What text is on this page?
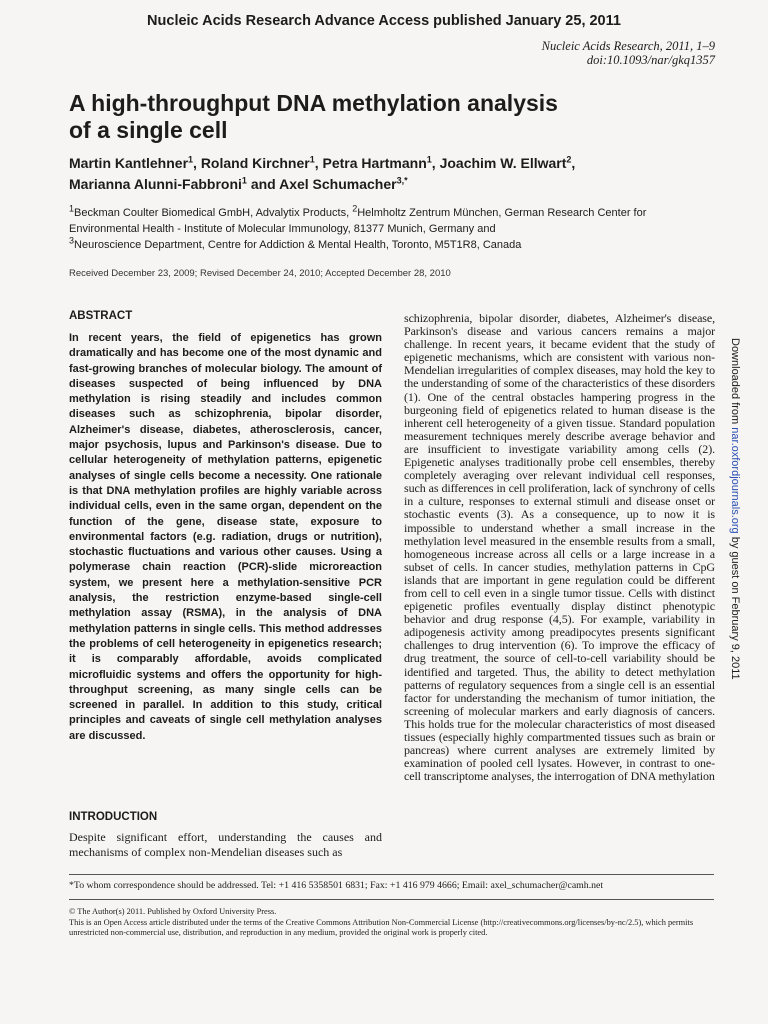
Nucleic Acids Research Advance Access published January 25, 2011
Nucleic Acids Research, 2011, 1–9
doi:10.1093/nar/gkq1357
A high-throughput DNA methylation analysis
of a single cell
Martin Kantlehner$^1$, Roland Kirchner$^1$, Petra Hartmann$^1$, Joachim W. Ellwart$^2$,
Marianna Alunni-Fabbroni$^1$ and Axel Schumacher$^{3,*}$
$^1$Beckman Coulter Biomedical GmbH, Advalytix Products, $^2$Helmholtz Zentrum München, German Research Center for Environmental Health - Institute of Molecular Immunology, 81377 Munich, Germany and
$^3$Neuroscience Department, Centre for Addiction & Mental Health, Toronto, M5T1R8, Canada
Received December 23, 2009; Revised December 24, 2010; Accepted December 28, 2010
ABSTRACT

In recent years, the field of epigenetics has grown dramatically and has become one of the most dynamic and fast-growing branches of molecular biology. The amount of diseases suspected of being influenced by DNA methylation is rising steadily and includes common diseases such as schizophrenia, bipolar disorder, Alzheimer's disease, diabetes, atherosclerosis, cancer, major psychosis, lupus and Parkinson's disease. Due to cellular heterogeneity of methylation patterns, epigenetic analyses of single cells become a necessity. One rationale is that DNA methylation profiles are highly variable across individual cells, even in the same organ, dependent on the function of the gene, disease state, exposure to environmental factors (e.g. radiation, drugs or nutrition), stochastic fluctuations and various other causes. Using a polymerase chain reaction (PCR)-slide microreaction system, we present here a methylation-sensitive PCR analysis, the restriction enzyme-based single-cell methylation assay (RSMA), in the analysis of DNA methylation patterns in single cells. This method addresses the problems of cell heterogeneity in epigenetics research; it is comparably affordable, avoids complicated microfluidic systems and offers the opportunity for high-throughput screening, as many single cells can be screened in parallel. In addition to this study, critical principles and caveats of single cell methylation analyses are discussed.

INTRODUCTION

Despite significant effort, understanding the causes and mechanisms of complex non-Mendelian diseases such as

schizophrenia, bipolar disorder, diabetes, Alzheimer's disease, Parkinson's disease and various cancers remains a major challenge. In recent years, it became evident that the study of epigenetic mechanisms, which are consistent with various non-Mendelian irregularities of complex diseases, may hold the key to the understanding of some of the characteristics of these disorders (1). One of the central obstacles hampering progress in the burgeoning field of epigenetics related to human disease is the inherent cell heterogeneity of a given tissue. Standard population measurement techniques merely describe average behavior and are insufficient to investigate variability among cells (2). Epigenetic analyses traditionally probe cell ensembles, thereby completely averaging over relevant individual cell responses, such as differences in cell proliferation, lack of synchrony of cells in a culture, responses to external stimuli and disease onset or stochastic events (3). As a consequence, up to now it is impossible to understand whether a small increase in the methylation level measured in the ensemble results from a small, homogeneous increase across all cells or a large increase in a subset of cells. In cancer studies, methylation patterns in CpG islands that are important in gene regulation could be different from cell to cell even in a single tumor tissue. Cells with distinct epigenetic profiles eventually display distinct phenotypic behavior and drug response (4,5). For example, variability in adipogenesis activity among preadipocytes presents significant challenges to drug intervention (6). To improve the efficacy of drug treatment, the source of cell-to-cell variability should be identified and targeted. Thus, the ability to detect methylation patterns of regulatory sequences from a single cell is an essential factor for understanding the mechanism of tumor initiation, the screening of molecular markers and early diagnosis of cancers. This holds true for the molecular characteristics of most diseased tissues (especially highly compartmented tissues such as brain or pancreas) where current analyses are extremely limited by examination of pooled cell lysates. However, in contrast to one-cell transcriptome analyses, the interrogation of DNA methylation

*To whom correspondence should be addressed. Tel: +1 416 5358501 6831; Fax: +1 416 979 4666; Email: axel_schumacher@camh.net
© The Author(s) 2011. Published by Oxford University Press.
This is an Open Access article distributed under the terms of the Creative Commons Attribution Non-Commercial License (http://creativecommons.org/licenses/by-nc/2.5), which permits unrestricted non-commercial use, distribution, and reproduction in any medium, provided the original work is properly cited.
Downloaded from nar.oxfordjournals.org by guest on February 9, 2011
